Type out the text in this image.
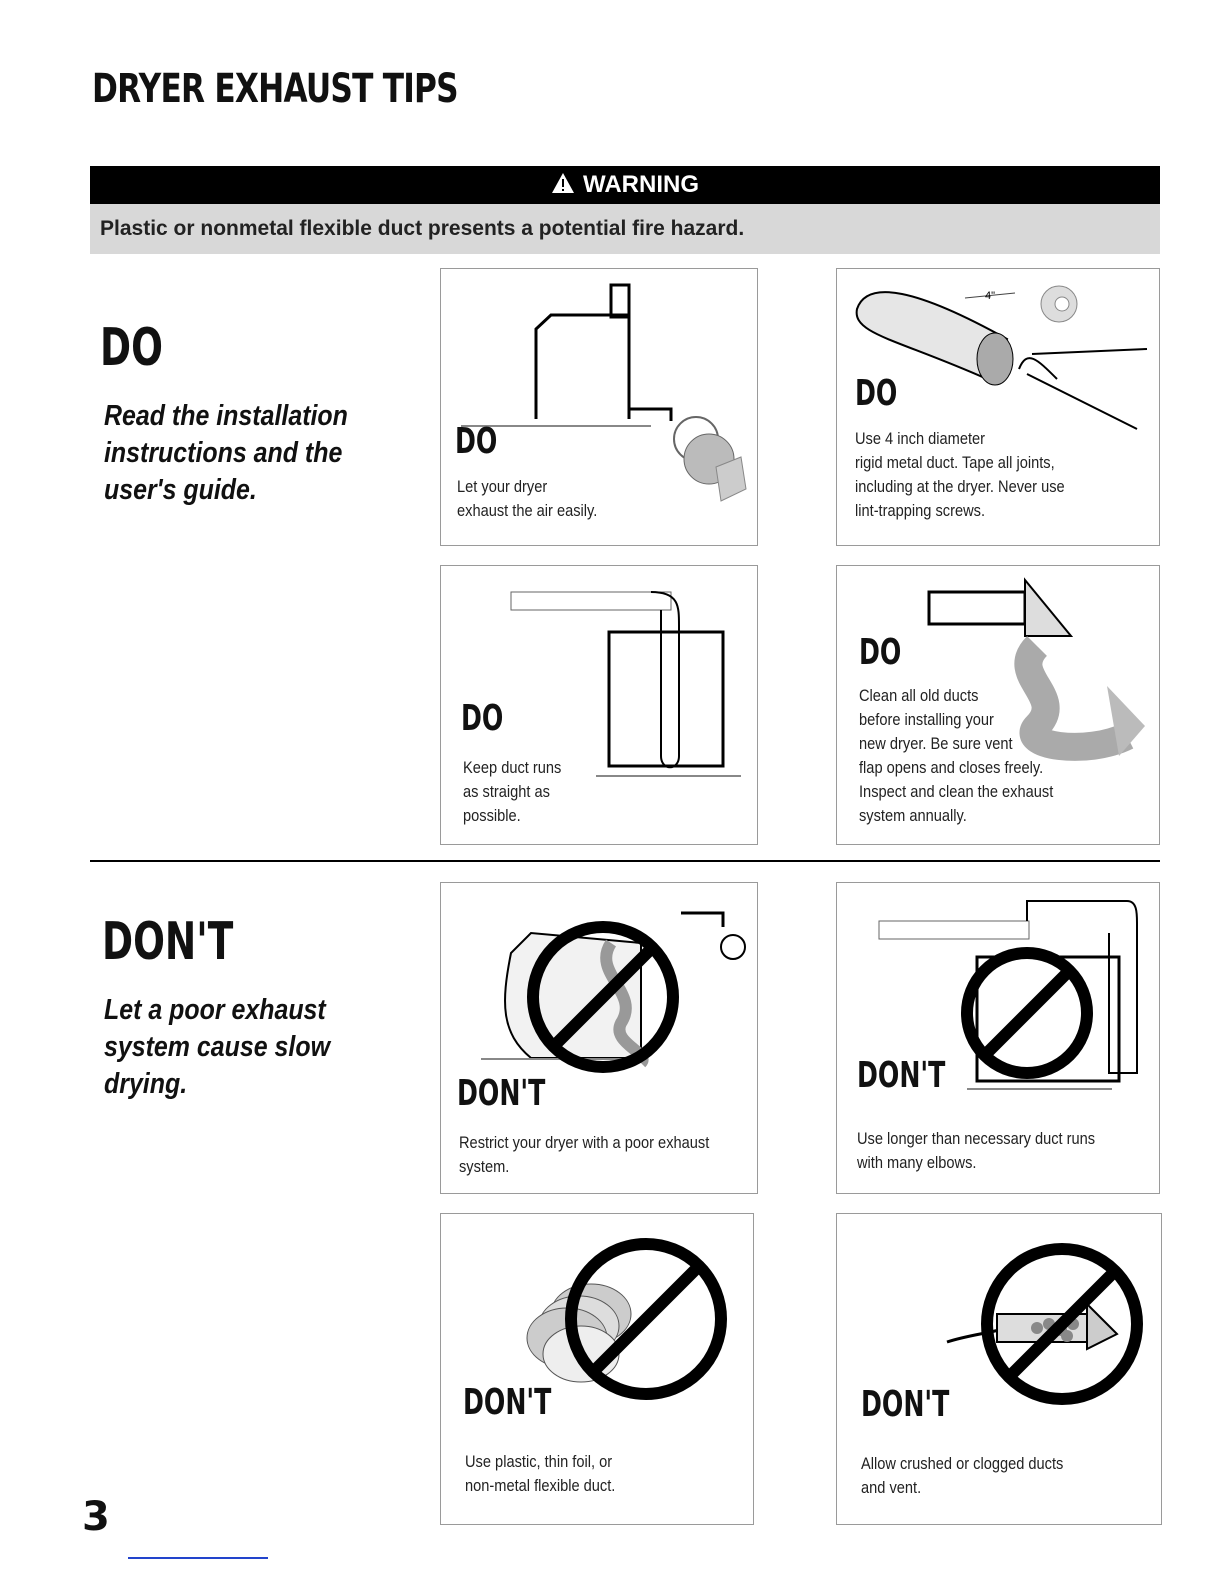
DRYER EXHAUST TIPS
WARNING
Plastic or nonmetal flexible duct presents a potential fire hazard.
DO
Read the installation instructions and the user's guide.
DO
Let your dryer
exhaust the air easily.
4"
DO
Use 4 inch diameter
rigid metal duct. Tape all joints,
including at the dryer. Never use
lint-trapping screws.
DO
Keep duct runs
as straight as
possible.
DO
Clean all old ducts
before installing your
new dryer. Be sure vent
flap opens and closes freely.
Inspect and clean the exhaust
system annually.
DON'T
Let a poor exhaust system cause slow drying.	DON'T
Restrict your dryer with a poor exhaust
system.
DON'T
Use longer than necessary duct runs
with many elbows.
DON'T
Use plastic, thin foil, or
non-metal flexible duct.
DON'T
Allow crushed or clogged ducts
and vent.
3
